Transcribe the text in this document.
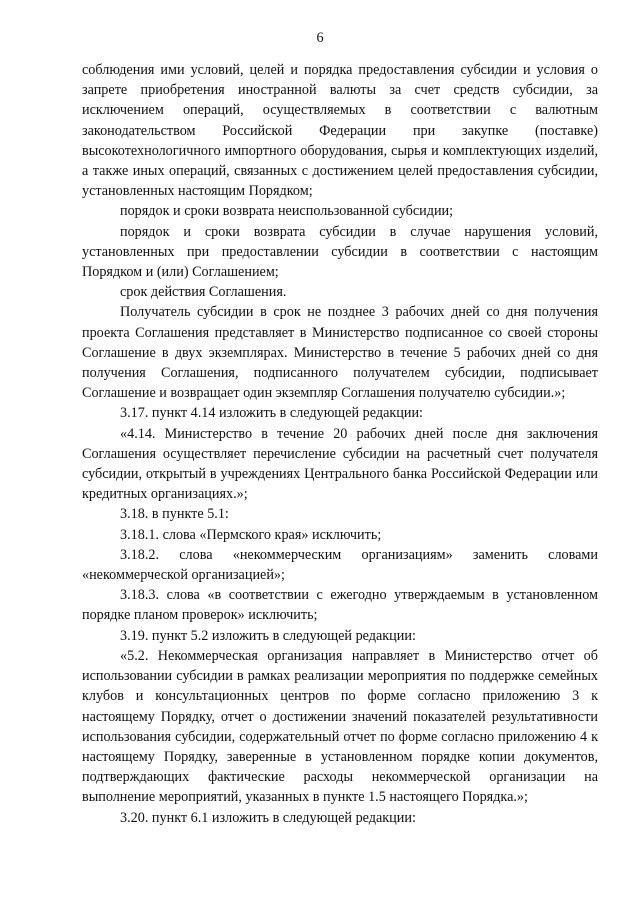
6

соблюдения ими условий, целей и порядка предоставления субсидии и условия о запрете приобретения иностранной валюты за счет средств субсидии, за исключением операций, осуществляемых в соответствии с валютным законодательством Российской Федерации при закупке (поставке) высокотехнологичного импортного оборудования, сырья и комплектующих изделий, а также иных операций, связанных с достижением целей предоставления субсидии, установленных настоящим Порядком;

порядок и сроки возврата неиспользованной субсидии;

порядок и сроки возврата субсидии в случае нарушения условий, установленных при предоставлении субсидии в соответствии с настоящим Порядком и (или) Соглашением;

срок действия Соглашения.

Получатель субсидии в срок не позднее 3 рабочих дней со дня получения проекта Соглашения представляет в Министерство подписанное со своей стороны Соглашение в двух экземплярах. Министерство в течение 5 рабочих дней со дня получения Соглашения, подписанного получателем субсидии, подписывает Соглашение и возвращает один экземпляр Соглашения получателю субсидии.»;

3.17. пункт 4.14 изложить в следующей редакции:

«4.14. Министерство в течение 20 рабочих дней после дня заключения Соглашения осуществляет перечисление субсидии на расчетный счет получателя субсидии, открытый в учреждениях Центрального банка Российской Федерации или кредитных организациях.»;

3.18. в пункте 5.1:

3.18.1. слова «Пермского края» исключить;

3.18.2. слова «некоммерческим организациям» заменить словами «некоммерческой организацией»;

3.18.3. слова «в соответствии с ежегодно утверждаемым в установленном порядке планом проверок» исключить;

3.19. пункт 5.2 изложить в следующей редакции:

«5.2. Некоммерческая организация направляет в Министерство отчет об использовании субсидии в рамках реализации мероприятия по поддержке семейных клубов и консультационных центров по форме согласно приложению 3 к настоящему Порядку, отчет о достижении значений показателей результативности использования субсидии, содержательный отчет по форме согласно приложению 4 к настоящему Порядку, заверенные в установленном порядке копии документов, подтверждающих фактические расходы некоммерческой организации на выполнение мероприятий, указанных в пункте 1.5 настоящего Порядка.»;

3.20. пункт 6.1 изложить в следующей редакции:
